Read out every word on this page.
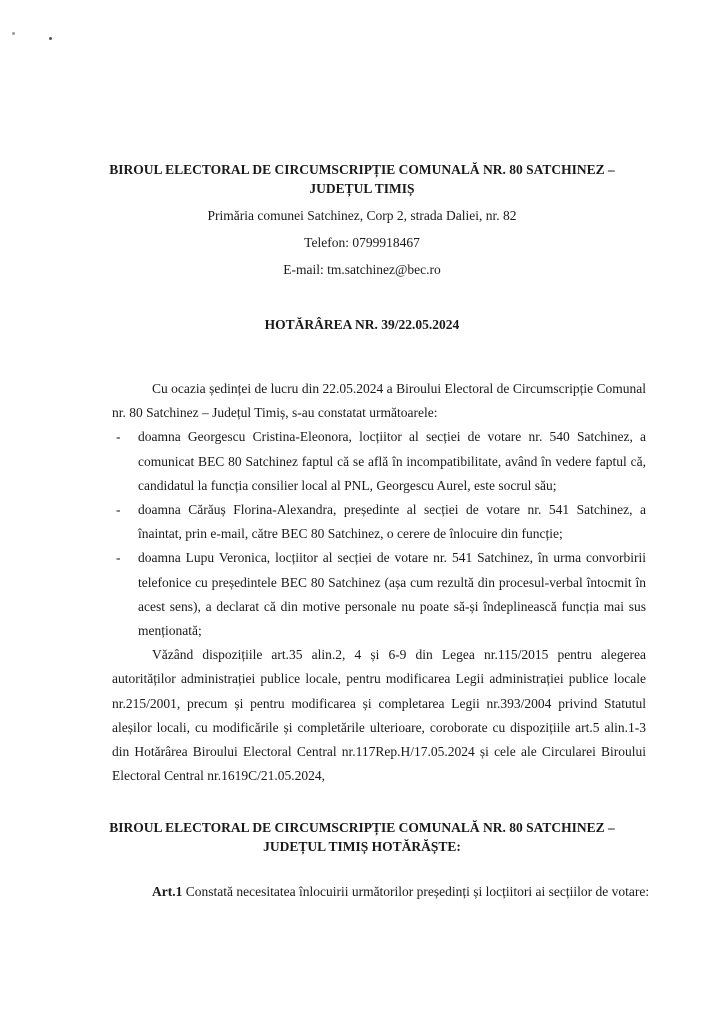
BIROUL ELECTORAL DE CIRCUMSCRIPȚIE COMUNALĂ NR. 80 SATCHINEZ –

JUDEȚUL TIMIȘ

Primăria comunei Satchinez, Corp 2, strada Daliei, nr. 82

Telefon: 0799918467

E-mail: tm.satchinez@bec.ro

HOTĂRÂREA NR. 39/22.05.2024

Cu ocazia ședinței de lucru din 22.05.2024 a Biroului Electoral de Circumscripție Comunal nr. 80 Satchinez – Județul Timiș, s-au constatat următoarele:

- doamna Georgescu Cristina-Eleonora, locțiitor al secției de votare nr. 540 Satchinez, a comunicat BEC 80 Satchinez faptul că se află în incompatibilitate, având în vedere faptul că, candidatul la funcția consilier local al PNL, Georgescu Aurel, este socrul său;
- doamna Cărăuș Florina-Alexandra, președinte al secției de votare nr. 541 Satchinez, a înaintat, prin e-mail, către BEC 80 Satchinez, o cerere de înlocuire din funcție;
- doamna Lupu Veronica, locțiitor al secției de votare nr. 541 Satchinez, în urma convorbirii telefonice cu președintele BEC 80 Satchinez (așa cum rezultă din procesul-verbal întocmit în acest sens), a declarat că din motive personale nu poate să-și îndeplinească funcția mai sus menționată;

Văzând dispozițiile art.35 alin.2, 4 și 6-9 din Legea nr.115/2015 pentru alegerea autorităților administrației publice locale, pentru modificarea Legii administrației publice locale nr.215/2001, precum și pentru modificarea și completarea Legii nr.393/2004 privind Statutul aleșilor locali, cu modificările și completările ulterioare, coroborate cu dispozițiile art.5 alin.1-3 din Hotărârea Biroului Electoral Central nr.117Rep.H/17.05.2024 și cele ale Circularei Biroului Electoral Central nr.1619C/21.05.2024,

BIROUL ELECTORAL DE CIRCUMSCRIPȚIE COMUNALĂ NR. 80 SATCHINEZ –
JUDEȚUL TIMIȘ HOTĂRĂȘTE:

Art.1 Constată necesitatea înlocuirii următorilor președinți și locțiitori ai secțiilor de votare:
